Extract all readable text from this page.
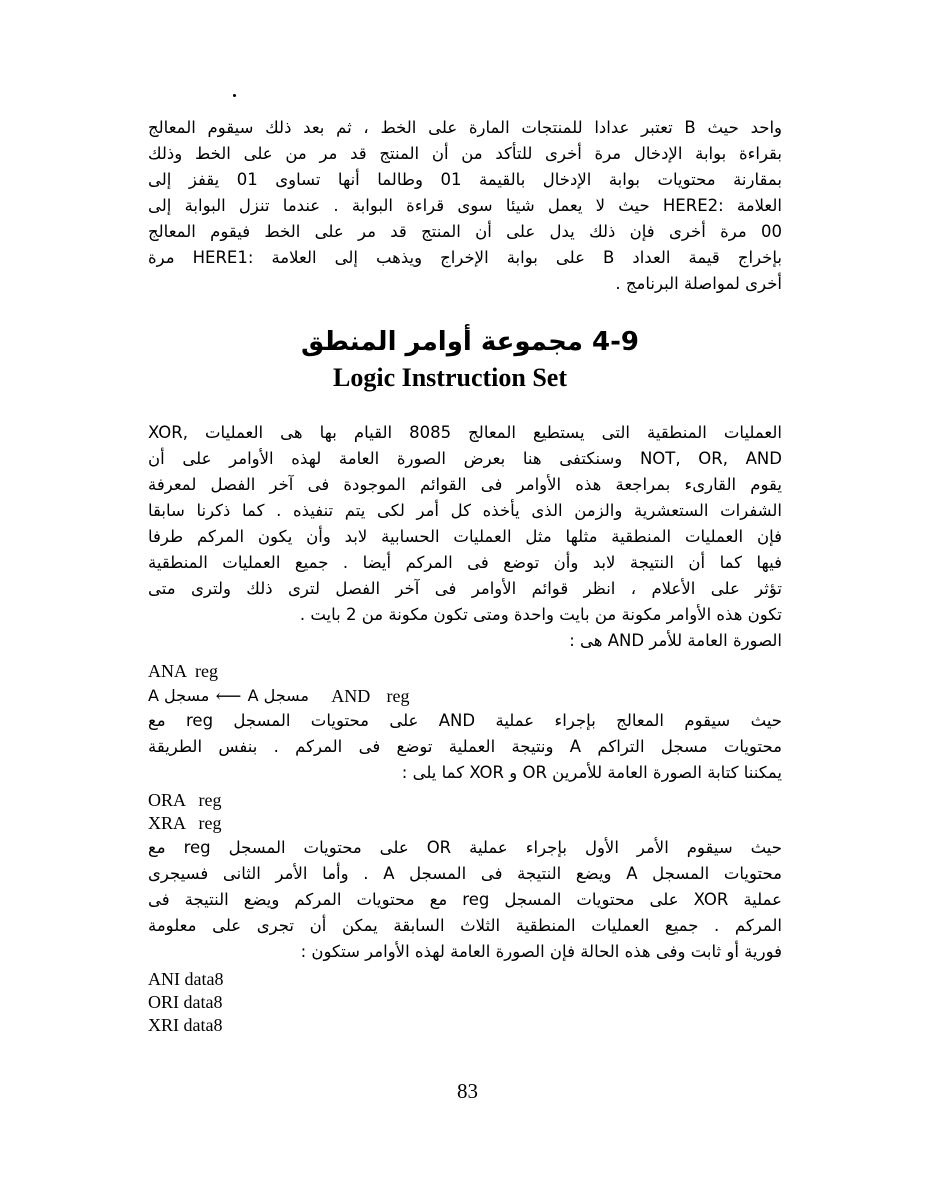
واحد حيث B تعتبر عدادا للمنتجات المارة على الخط ، ثم بعد ذلك سيقوم المعالج
بقراءة بوابة الإدخال مرة أخرى للتأكد من أن المنتج قد مر من على الخط وذلك
بمقارنة محتويات بوابة الإدخال بالقيمة 01 وطالما أنها تساوى 01 يقفز إلى
العلامة :HERE2 حيث لا يعمل شيئا سوى قراءة البوابة . عندما تنزل البوابة إلى
00 مرة أخرى فإن ذلك يدل على أن المنتج قد مر على الخط فيقوم المعالج
بإخراج قيمة العداد B على بوابة الإخراج ويذهب إلى العلامة :HERE1 مرة
أخرى لمواصلة البرنامج .
4-9 مجموعة أوامر المنطق
Logic Instruction Set
العمليات المنطقية التى يستطيع المعالج 8085 القيام بها هى العمليات ,XOR
NOT, OR, AND وسنكتفى هنا بعرض الصورة العامة لهذه الأوامر على أن
يقوم القارىء بمراجعة هذه الأوامر فى القوائم الموجودة فى آخر الفصل لمعرفة
الشفرات الستعشرية والزمن الذى يأخذه كل أمر لكى يتم تنفيذه . كما ذكرنا سابقا
فإن العمليات المنطقية مثلها مثل العمليات الحسابية لابد وأن يكون المركم طرفا
فيها كما أن النتيجة لابد وأن توضع فى المركم أيضا . جميع العمليات المنطقية
تؤثر على الأعلام ، انظر قوائم الأوامر فى آخر الفصل لترى ذلك ولترى متى
تكون هذه الأوامر مكونة من بايت واحدة ومتى تكون مكونة من 2 بايت .
الصورة العامة للأمر AND هى :
ANA  reg
مسجل A ⟵ مسجل A AND reg
حيث سيقوم المعالج بإجراء عملية AND على محتويات المسجل reg مع
محتويات مسجل التراكم A ونتيجة العملية توضع فى المركم . بنفس الطريقة
يمكننا كتابة الصورة العامة للأمرين OR و XOR كما يلى :
ORA   reg
XRA   reg
حيث سيقوم الأمر الأول بإجراء عملية OR على محتويات المسجل reg مع
محتويات المسجل A ويضع النتيجة فى المسجل A . وأما الأمر الثانى فسيجرى
عملية XOR على محتويات المسجل reg مع محتويات المركم ويضع النتيجة فى
المركم . جميع العمليات المنطقية الثلاث السابقة يمكن أن تجرى على معلومة
فورية أو ثابت وفى هذه الحالة فإن الصورة العامة لهذه الأوامر ستكون :
ANI data8
ORI data8
XRI data8
83
